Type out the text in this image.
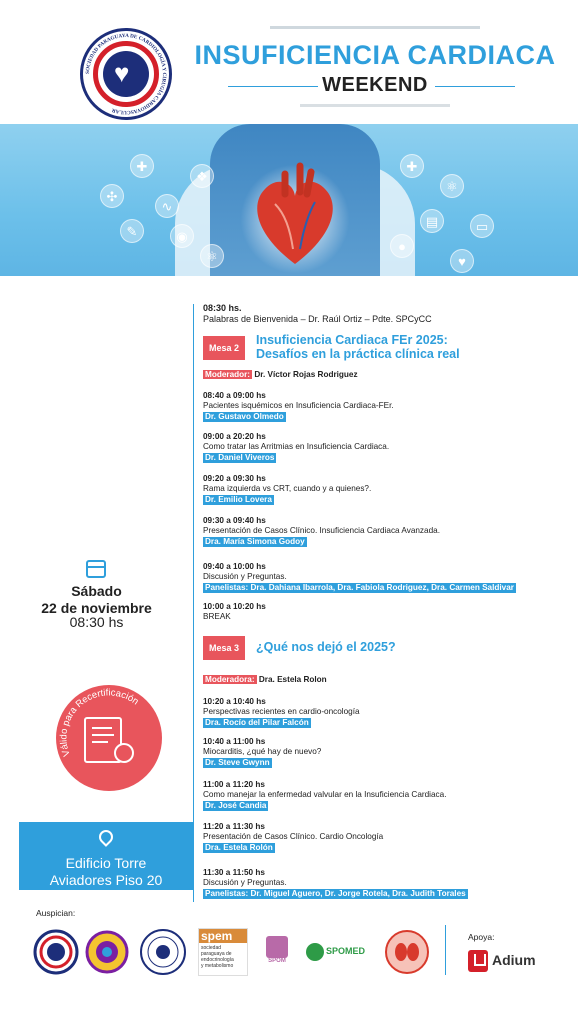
♥
SOCIEDAD PARAGUAYA DE CARDIOLOGÍA Y CIRUGÍA CARDIOVASCULAR
INSUFICIENCIA CARDIACA
WEEKEND
✚
✣
∿
✎	◉
❖
⚛
✚
⚛
▤	▭
●
♥
Sábado
22 de noviembre
08:30 hs
Válido para Recertificación
Edificio Torre
Aviadores Piso 20
08:30 hs.
Palabras de Bienvenida – Dr. Raúl Ortiz – Pdte. SPCyCC
Mesa 2
Insuficiencia Cardiaca FEr 2025:
Desafíos en la práctica clínica real
Moderador: Dr. Víctor Rojas Rodriguez
08:40 a 09:00 hs
Pacientes isquémicos en Insuficiencia Cardiaca-FEr.
Dr. Gustavo Olmedo
09:00 a 20:20 hs
Como tratar las Arritmias en Insuficiencia Cardiaca.
Dr. Daniel Viveros
09:20 a 09:30 hs
Rama izquierda vs CRT, cuando y a quienes?.
Dr. Emilio Lovera
09:30 a 09:40 hs
Presentación de Casos Clínico. Insuficiencia Cardiaca Avanzada.
Dra. María Simona Godoy
09:40 a 10:00 hs
Discusión y Preguntas.
Panelistas: Dra. Dahiana Ibarrola, Dra. Fabiola Rodriguez, Dra. Carmen Saldivar
10:00 a 10:20 hs
BREAK
Mesa 3	¿Qué nos dejó el 2025?
Moderadora: Dra. Estela Rolon
10:20 a 10:40 hs
Perspectivas recientes en cardio-oncología
Dra. Rocío del Pilar Falcón
10:40 a 11:00 hs
Miocarditis, ¿qué hay de nuevo?
Dr. Steve Gwynn
11:00 a 11:20 hs
Como manejar la enfermedad valvular en la Insuficiencia Cardiaca.
Dr. José Candia
11:20 a 11:30 hs
Presentación de Casos Clínico. Cardio Oncología
Dra. Estela Rolón
11:30 a 11:50 hs
Discusión y Preguntas.
Panelistas: Dr. Miguel Aguero, Dr. Jorge Rotela, Dra. Judith Torales
Auspician:
spem
sociedad
paraguaya de
endocrinología
y metabolismo
SPOM
SPOMED
Apoya:
Adium
